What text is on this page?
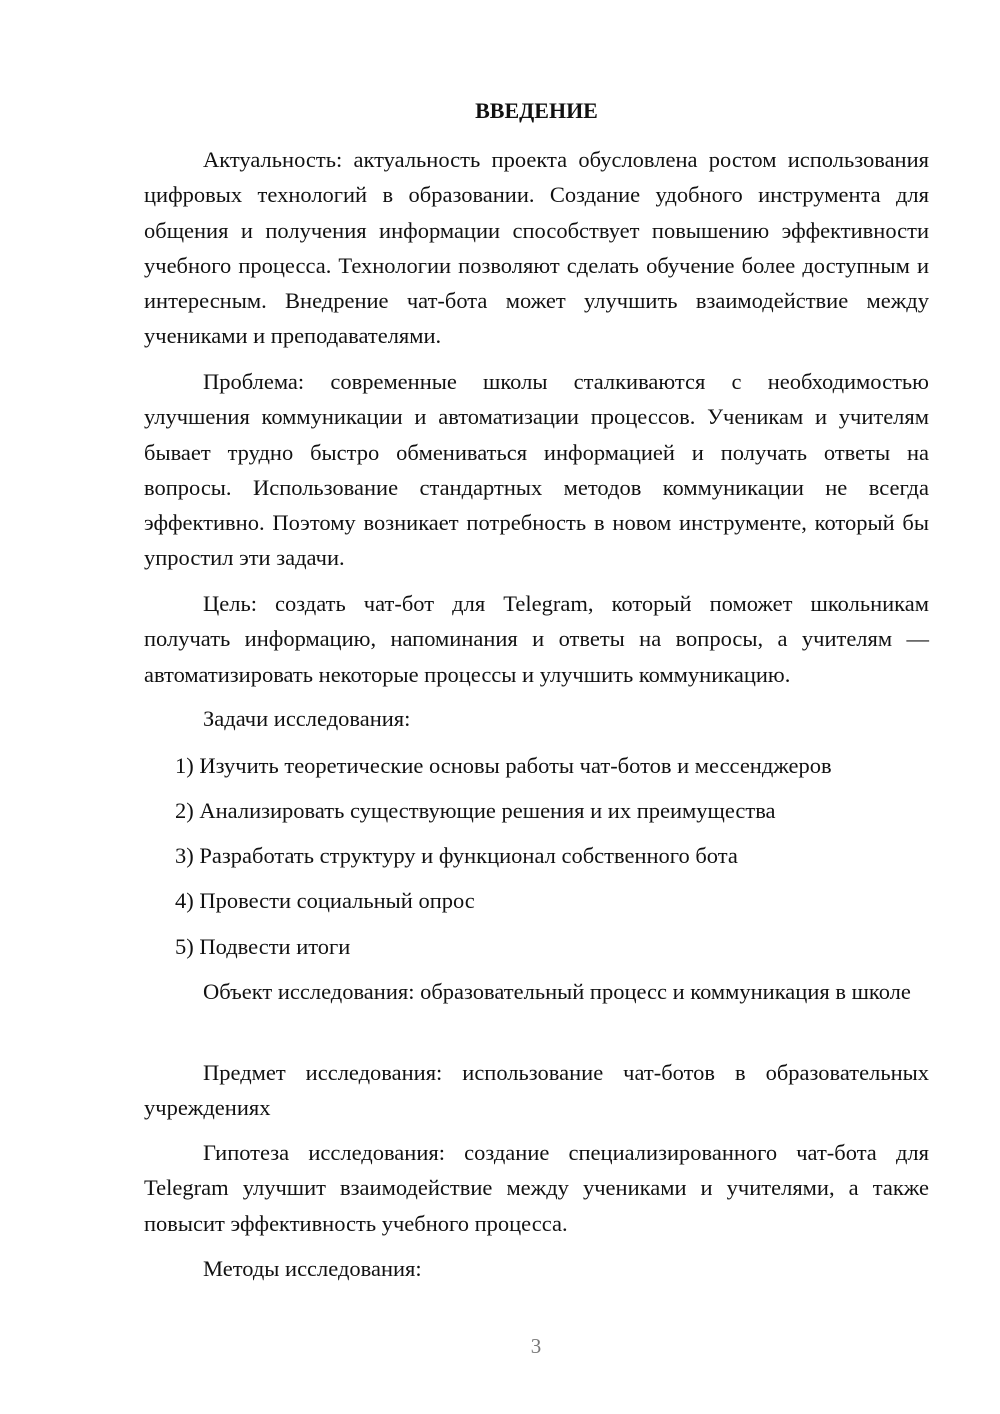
ВВЕДЕНИЕ

Актуальность: актуальность проекта обусловлена ростом использования цифровых технологий в образовании. Создание удобного инструмента для общения и получения информации способствует повышению эффективности учебного процесса. Технологии позволяют сделать обучение более доступным и интересным. Внедрение чат-бота может улучшить взаимодействие между учениками и преподавателями.

Проблема: современные школы сталкиваются с необходимостью улучшения коммуникации и автоматизации процессов. Ученикам и учителям бывает трудно быстро обмениваться информацией и получать ответы на вопросы. Использование стандартных методов коммуникации не всегда эффективно. Поэтому возникает потребность в новом инструменте, который бы упростил эти задачи.

Цель: создать чат-бот для Telegram, который поможет школьникам получать информацию, напоминания и ответы на вопросы, а учителям — автоматизировать некоторые процессы и улучшить коммуникацию.

Задачи исследования:

1) Изучить теоретические основы работы чат-ботов и мессенджеров

2) Анализировать существующие решения и их преимущества

3) Разработать структуру и функционал собственного бота

4) Провести социальный опрос

5) Подвести итоги

Объект исследования: образовательный процесс и коммуникация в школе

Предмет исследования: использование чат-ботов в образовательных учреждениях

Гипотеза исследования: создание специализированного чат-бота для Telegram улучшит взаимодействие между учениками и учителями, а также повысит эффективность учебного процесса.

Методы исследования:

3
